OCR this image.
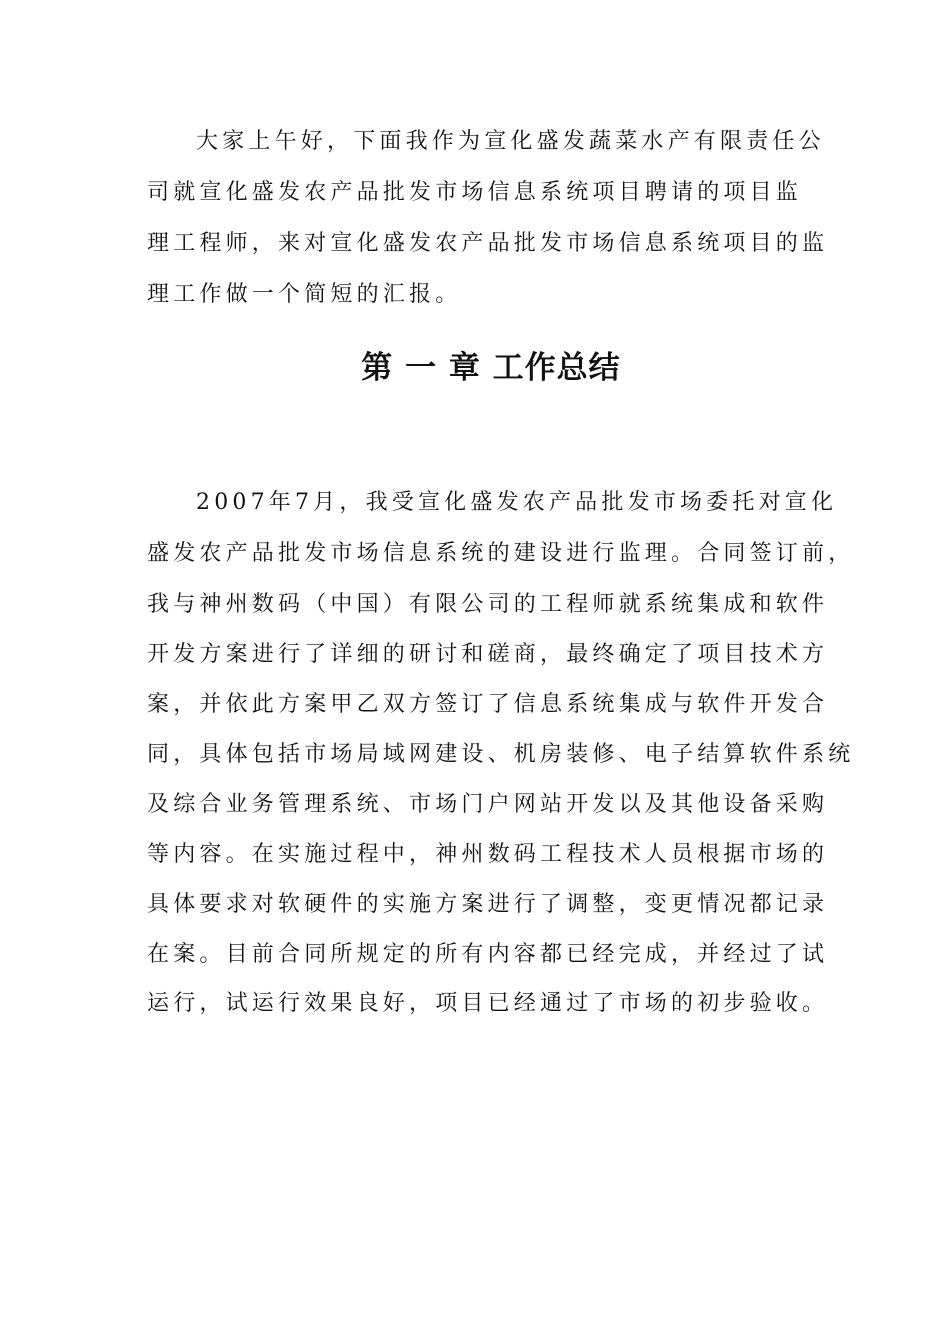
大家上午好，下面我作为宣化盛发蔬菜水产有限责任公
司就宣化盛发农产品批发市场信息系统项目聘请的项目监
理工程师，来对宣化盛发农产品批发市场信息系统项目的监
理工作做一个简短的汇报。
第 一 章 工作总结
2007年7月，我受宣化盛发农产品批发市场委托对宣化
盛发农产品批发市场信息系统的建设进行监理。合同签订前，
我与神州数码（中国）有限公司的工程师就系统集成和软件
开发方案进行了详细的研讨和磋商，最终确定了项目技术方
案，并依此方案甲乙双方签订了信息系统集成与软件开发合
同，具体包括市场局域网建设、机房装修、电子结算软件系统
及综合业务管理系统、市场门户网站开发以及其他设备采购
等内容。在实施过程中，神州数码工程技术人员根据市场的
具体要求对软硬件的实施方案进行了调整，变更情况都记录
在案。目前合同所规定的所有内容都已经完成，并经过了试
运行，试运行效果良好，项目已经通过了市场的初步验收。
